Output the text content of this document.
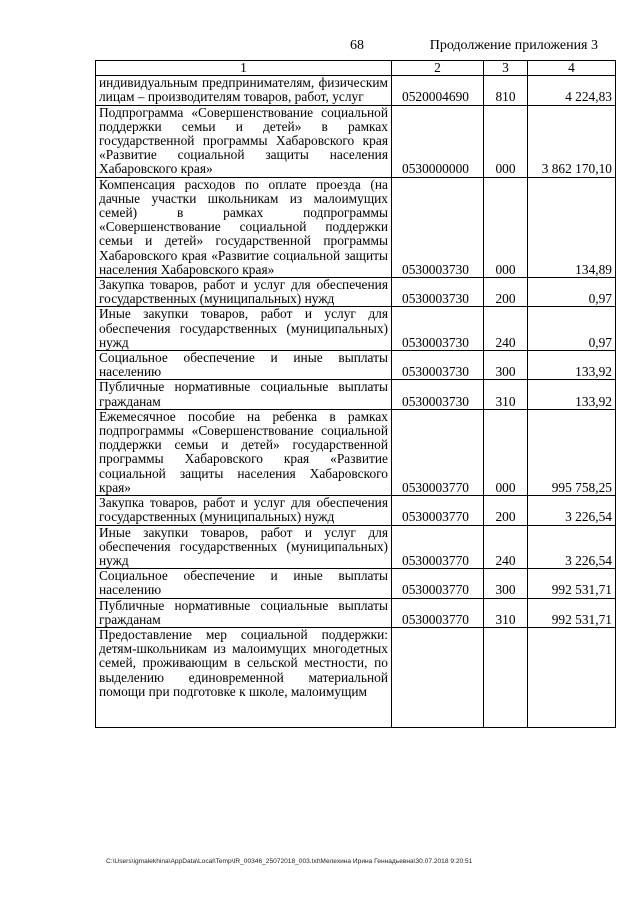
68	Продолжение приложения 3
1	2	3	4
индивидуальным предпринимателям, физическим лицам – производителям товаров, работ, услуг	0520004690	810	4 224,83
Подпрограмма «Совершенствование социальной поддержки семьи и детей» в рамках государственной программы Хабаровского края «Развитие социальной защиты населения Хабаровского края»	0530000000	000	3 862 170,10
Компенсация расходов по оплате проезда (на дачные участки школьникам из малоимущих семей) в рамках подпрограммы «Совершенствование социальной поддержки семьи и детей» государственной программы Хабаровского края «Развитие социальной защиты населения Хабаровского края»	0530003730	000	134,89
Закупка товаров, работ и услуг для обеспечения государственных (муниципальных) нужд	0530003730	200	0,97
Иные закупки товаров, работ и услуг для обеспечения государственных (муниципальных) нужд	0530003730	240	0,97
Социальное обеспечение и иные выплаты населению	0530003730	300	133,92
Публичные нормативные социальные выплаты гражданам	0530003730	310	133,92
Ежемесячное пособие на ребенка в рамках подпрограммы «Совершенствование социальной поддержки семьи и детей» государственной программы Хабаровского края «Развитие социальной защиты населения Хабаровского края»	0530003770	000	995 758,25
Закупка товаров, работ и услуг для обеспечения государственных (муниципальных) нужд	0530003770	200	3 226,54
Иные закупки товаров, работ и услуг для обеспечения государственных (муниципальных) нужд	0530003770	240	3 226,54
Социальное обеспечение и иные выплаты населению	0530003770	300	992 531,71
Публичные нормативные социальные выплаты гражданам	0530003770	310	992 531,71
Предоставление мер социальной поддержки: детям-школьникам из малоимущих многодетных семей, проживающим в сельской местности, по выделению единовременной материальной помощи при подготовке к школе, малоимущим			
C:\Users\igmalekhina\AppData\Local\Temp\IR_00346_25072018_003.txt\Мелехина Ирина Геннадьевна\30.07.2018 9:20:51
